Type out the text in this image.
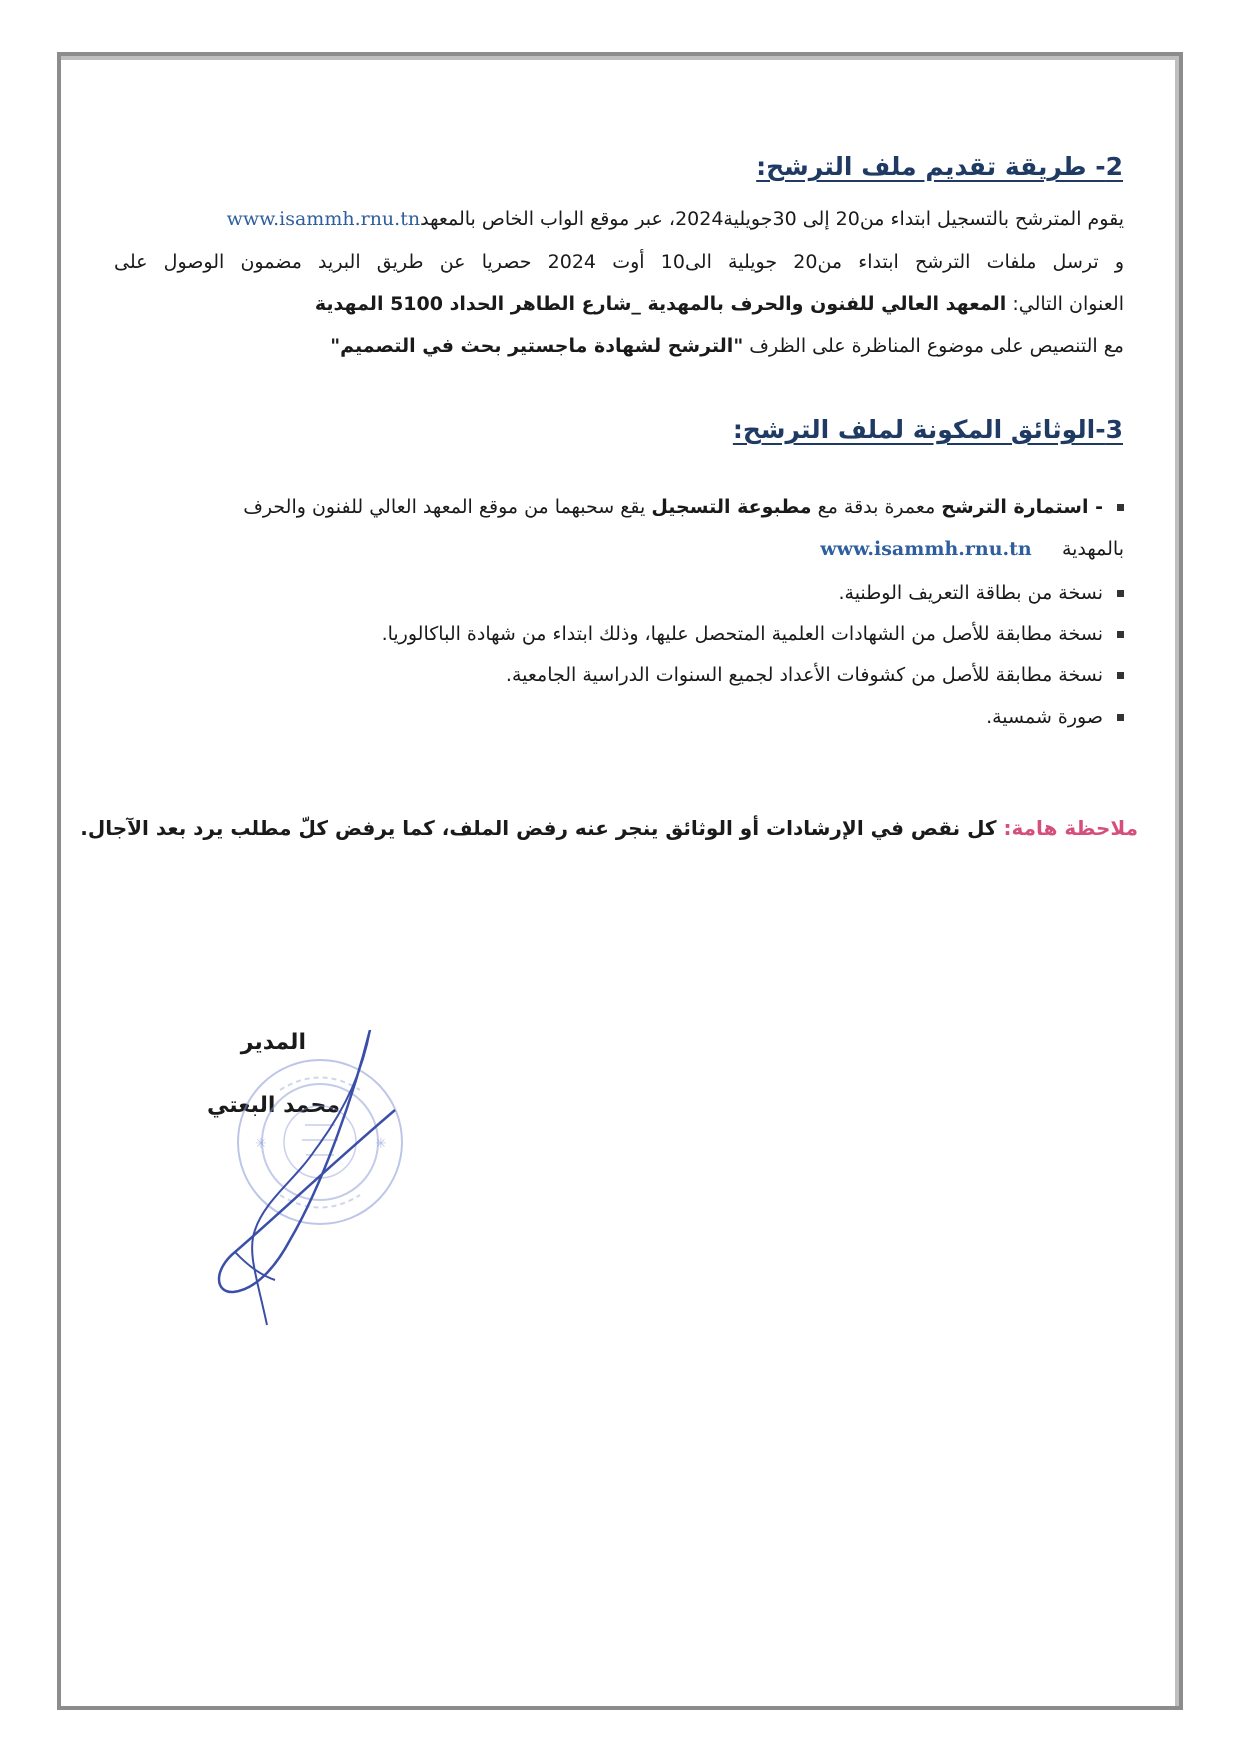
2- طريقة تقديم ملف الترشح:
يقوم المترشح بالتسجيل ابتداء من20 إلى 30جويلية2024، عبر موقع الواب الخاص بالمعهدwww.isammh.rnu.tn
و ترسل ملفات الترشح ابتداء من20 جويلية الى10 أوت 2024 حصريا عن طريق البريد مضمون الوصول على
العنوان التالي: المعهد العالي للفنون والحرف بالمهدية _شارع الطاهر الحداد 5100 المهدية
مع التنصيص على موضوع المناظرة على الظرف "الترشح لشهادة ماجستير بحث في التصميم"
3-الوثائق المكونة لملف الترشح:
- استمارة الترشح معمرة بدقة مع مطبوعة التسجيل يقع سحبهما من موقع المعهد العالي للفنون والحرف
بالمهدية     www.isammh.rnu.tn
نسخة من بطاقة التعريف الوطنية.
نسخة مطابقة للأصل من الشهادات العلمية المتحصل عليها، وذلك ابتداء من شهادة الباكالوريا.
نسخة مطابقة للأصل من كشوفات الأعداد لجميع السنوات الدراسية الجامعية.
صورة شمسية.
ملاحظة هامة: كل نقص في الإرشادات أو الوثائق ينجر عنه رفض الملف، كما يرفض كلّ مطلب يرد بعد الآجال.
المدير
محمد البعتي
✳	✳
